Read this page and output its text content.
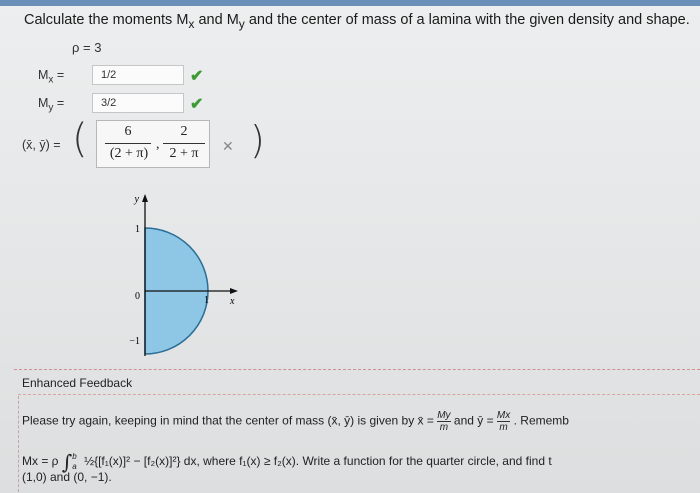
Calculate the moments $M_x$ and $M_y$ and the center of mass of a lamina with the given density and shape.
ρ = 3
$M_x$ =	1/2	✔
$M_y$ =	3/2	✔
(x̄, ȳ) = (	)
6
(2 + π)
,
2
2 + π	✕
y
x
1
0	1
−1
Enhanced Feedback
Please try again, keeping in mind that the center of mass (x̄, ȳ) is given by x̄ = $\frac{My}{m}$ and ȳ = $\frac{Mx}{m}$ . Rememb
Mx = ρ ∫ b
a ½{[f₁(x)]² − [f₂(x)]²} dx, where f₁(x) ≥ f₂(x). Write a function for the quarter circle, and find t
(1,0) and (0, −1).
